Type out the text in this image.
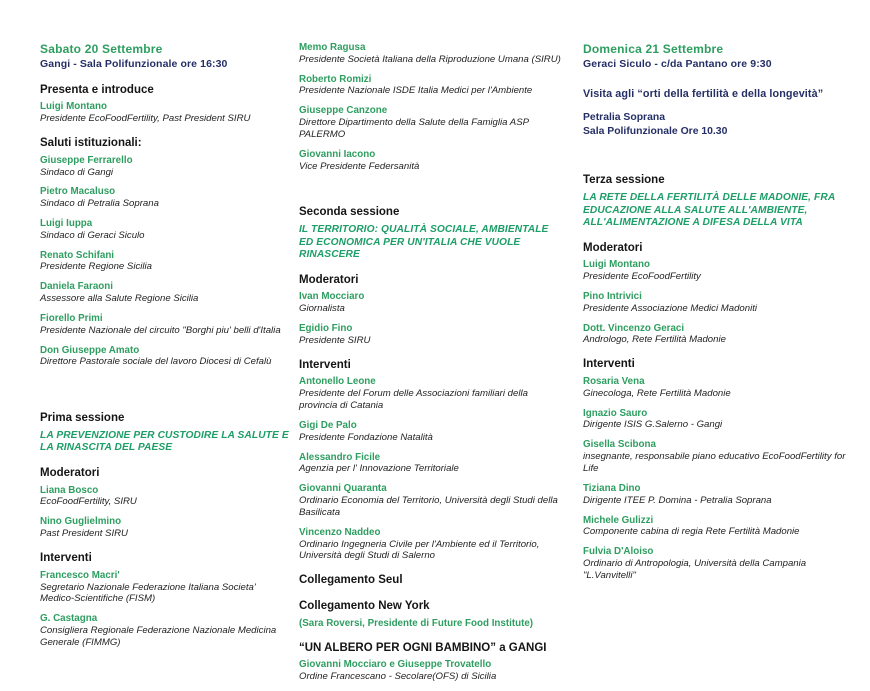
Sabato 20 Settembre
Gangi - Sala Polifunzionale ore 16:30
Presenta e introduce
Luigi Montano
Presidente EcoFoodFertility, Past President SIRU
Saluti istituzionali:
Giuseppe Ferrarello
Sindaco di Gangi
Pietro Macaluso
Sindaco di Petralia Soprana
Luigi Iuppa
Sindaco di Geraci Siculo
Renato Schifani
Presidente Regione Sicilia
Daniela Faraoni
Assessore alla Salute Regione Sicilia
Fiorello Primi
Presidente Nazionale del circuito "Borghi piu' belli d'Italia
Don Giuseppe Amato
Direttore Pastorale sociale del lavoro Diocesi di Cefalù
Prima sessione
LA PREVENZIONE PER CUSTODIRE LA SALUTE E LA RINASCITA DEL PAESE
Moderatori
Liana Bosco
EcoFoodFertility, SIRU
Nino Guglielmino
Past President SIRU
Interventi
Francesco Macri'
Segretario Nazionale Federazione Italiana Societa' Medico-Scientifiche (FISM)
G. Castagna
Consigliera Regionale Federazione Nazionale Medicina Generale (FIMMG)
Memo Ragusa
Presidente Società Italiana della Riproduzione Umana (SIRU)
Roberto Romizi
Presidente Nazionale ISDE Italia Medici per l'Ambiente
Giuseppe Canzone
Direttore Dipartimento della Salute della Famiglia ASP PALERMO
Giovanni Iacono
Vice Presidente Federsanità
Seconda sessione
IL TERRITORIO: QUALITÀ SOCIALE, AMBIENTALE ED ECONOMICA PER UN'ITALIA CHE VUOLE RINASCERE
Moderatori
Ivan Mocciaro
Giornalista
Egidio Fino
Presidente SIRU
Interventi
Antonello Leone
Presidente del Forum delle Associazioni familiari della provincia di Catania
Gigi De Palo
Presidente Fondazione Natalità
Alessandro Ficile
Agenzia per l' Innovazione Territoriale
Giovanni Quaranta
Ordinario Economia del Territorio, Università degli Studi della Basilicata
Vincenzo Naddeo
Ordinario Ingegneria Civile per l'Ambiente ed il Territorio, Università degli Studi di Salerno
Collegamento Seul
Collegamento New York
(Sara Roversi, Presidente di Future Food Institute)
“UN ALBERO PER OGNI BAMBINO” a GANGI
Giovanni Mocciaro e Giuseppe Trovatello
Ordine Francescano - Secolare(OFS) di Sicilia
Domenica 21 Settembre
Geraci Siculo - c/da Pantano ore 9:30
Visita agli “orti della fertilità e della longevità”
Petralia Soprana
Sala Polifunzionale Ore 10.30
Terza sessione
LA RETE DELLA FERTILITÀ DELLE MADONIE, FRA EDUCAZIONE ALLA SALUTE ALL'AMBIENTE, ALL'ALIMENTAZIONE A DIFESA DELLA VITA
Moderatori
Luigi Montano
Presidente EcoFoodFertility
Pino Intrivici
Presidente Associazione Medici Madoniti
Dott. Vincenzo Geraci
Andrologo, Rete Fertilità Madonie
Interventi
Rosaria Vena
Ginecologa, Rete Fertilità Madonie
Ignazio Sauro
Dirigente ISIS G.Salerno - Gangi
Gisella Scibona
insegnante, responsabile piano educativo EcoFoodFertility for Life
Tiziana Dino
Dirigente ITEE P. Domina - Petralia Soprana
Michele Gulizzi
Componente cabina di regia Rete Fertilità Madonie
Fulvia D'Aloiso
Ordinario di Antropologia, Università della Campania "L.Vanvitelli"
